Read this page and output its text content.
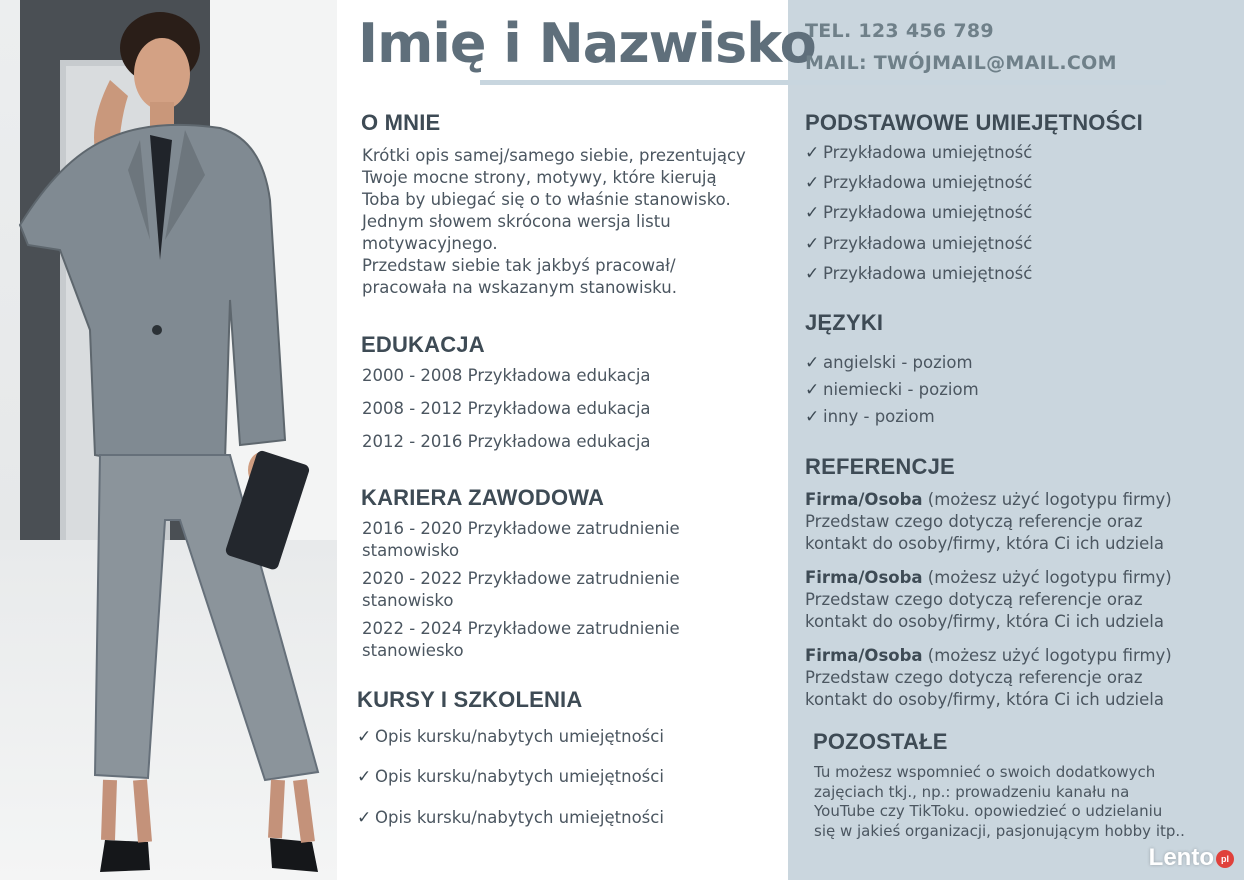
Imię i Nazwisko
TEL. 123 456 789
MAIL: TWÓJMAIL@MAIL.COM
O MNIE
Krótki opis samej/samego siebie, prezentujący
Twoje mocne strony, motywy, które kierują
Toba by ubiegać się o to właśnie stanowisko.
Jednym słowem skrócona wersja listu
motywacyjnego.
Przedstaw siebie tak jakbyś pracował/
pracowała na wskazanym stanowisku.
EDUKACJA
2000 - 2008 Przykładowa edukacja
2008 - 2012 Przykładowa edukacja
2012 - 2016 Przykładowa edukacja
KARIERA ZAWODOWA
2016 - 2020 Przykładowe zatrudnienie
stamowisko
2020 - 2022 Przykładowe zatrudnienie
stanowisko
2022 - 2024 Przykładowe zatrudnienie
stanowiesko
KURSY I SZKOLENIA
✓ Opis kursku/nabytych umiejętności
✓ Opis kursku/nabytych umiejętności
✓ Opis kursku/nabytych umiejętności
PODSTAWOWE UMIEJĘTNOŚCI
✓ Przykładowa umiejętność
✓ Przykładowa umiejętność
✓ Przykładowa umiejętność
✓ Przykładowa umiejętność
✓ Przykładowa umiejętność
JĘZYKI
✓ angielski - poziom
✓ niemiecki - poziom
✓ inny - poziom
REFERENCJE
Firma/Osoba (możesz użyć logotypu firmy)
Przedstaw czego dotyczą referencje oraz
kontakt do osoby/firmy, która Ci ich udziela
Firma/Osoba (możesz użyć logotypu firmy)
Przedstaw czego dotyczą referencje oraz
kontakt do osoby/firmy, która Ci ich udziela
Firma/Osoba (możesz użyć logotypu firmy)
Przedstaw czego dotyczą referencje oraz
kontakt do osoby/firmy, która Ci ich udziela
POZOSTAŁE
Tu możesz wspomnieć o swoich dodatkowych
zajęciach tkj., np.: prowadzeniu kanału na
YouTube czy TikToku. opowiedzieć o udzielaniu
się w jakieś organizacji, pasjonującym hobby itp..
Lento pl
